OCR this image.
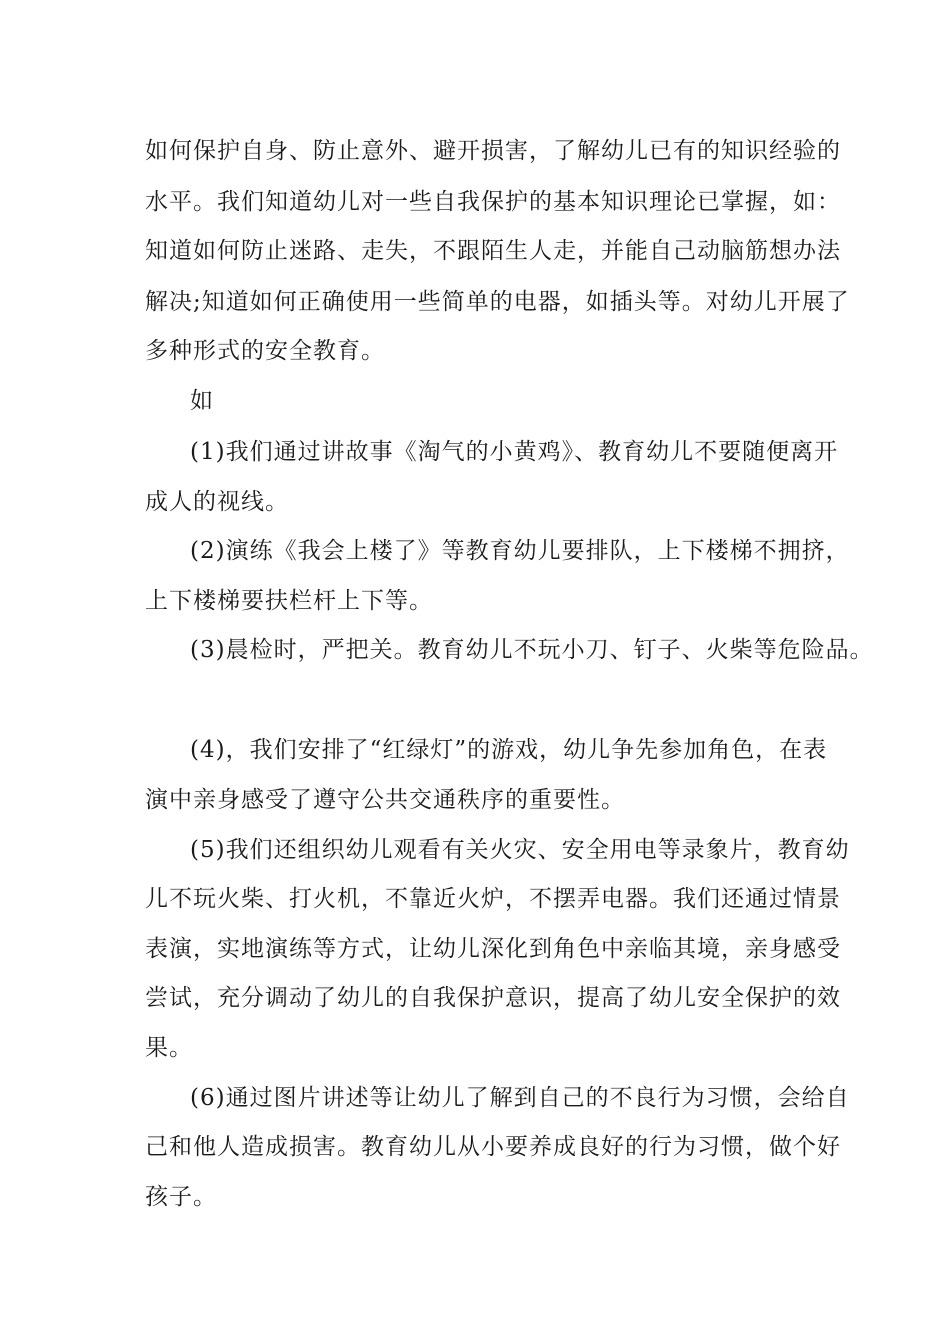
如何保护自身、防止意外、避开损害，了解幼儿已有的知识经验的
水平。我们知道幼儿对一些自我保护的基本知识理论已掌握，如：
知道如何防止迷路、走失，不跟陌生人走，并能自己动脑筋想办法
解决;知道如何正确使用一些简单的电器，如插头等。对幼儿开展了
多种形式的安全教育。
如
(1)我们通过讲故事《淘气的小黄鸡》、教育幼儿不要随便离开
成人的视线。
(2)演练《我会上楼了》等教育幼儿要排队，上下楼梯不拥挤，
上下楼梯要扶栏杆上下等。
(3)晨检时，严把关。教育幼儿不玩小刀、钉子、火柴等危险品。
(4)，我们安排了“红绿灯”的游戏，幼儿争先参加角色，在表
演中亲身感受了遵守公共交通秩序的重要性。
(5)我们还组织幼儿观看有关火灾、安全用电等录象片，教育幼
儿不玩火柴、打火机，不靠近火炉，不摆弄电器。我们还通过情景
表演，实地演练等方式，让幼儿深化到角色中亲临其境，亲身感受
尝试，充分调动了幼儿的自我保护意识，提高了幼儿安全保护的效
果。
(6)通过图片讲述等让幼儿了解到自己的不良行为习惯，会给自
己和他人造成损害。教育幼儿从小要养成良好的行为习惯，做个好
孩子。
